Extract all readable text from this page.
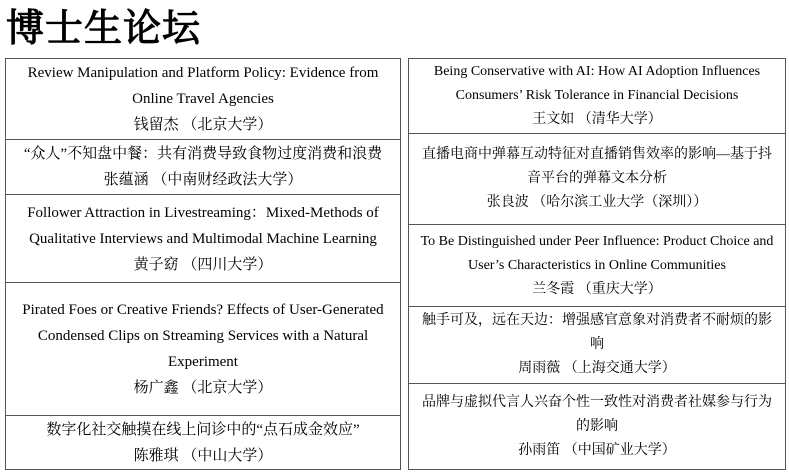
博士生论坛
Review Manipulation and Platform Policy: Evidence from Online Travel Agencies
钱留杰 （北京大学）
“众人”不知盘中餐：共有消费导致食物过度消费和浪费
张蕴涵 （中南财经政法大学）
Follower Attraction in Livestreaming：Mixed-Methods of Qualitative Interviews and Multimodal Machine Learning
黄子窈 （四川大学）
Pirated Foes or Creative Friends? Effects of User-Generated Condensed Clips on Streaming Services with a Natural Experiment
杨广鑫 （北京大学）
数字化社交触摸在线上问诊中的“点石成金效应”
陈雅琪 （中山大学）
Being Conservative with AI: How AI Adoption Influences Consumers’ Risk Tolerance in Financial Decisions
王文如 （清华大学）
直播电商中弹幕互动特征对直播销售效率的影响—基于抖音平台的弹幕文本分析
张良波 （哈尔滨工业大学（深圳））
To Be Distinguished under Peer Influence: Product Choice and User’s Characteristics in Online Communities
兰冬霞 （重庆大学）
触手可及，远在天边：增强感官意象对消费者不耐烦的影响
周雨薇 （上海交通大学）
品牌与虚拟代言人兴奋个性一致性对消费者社媒参与行为的影响
孙雨笛 （中国矿业大学）
